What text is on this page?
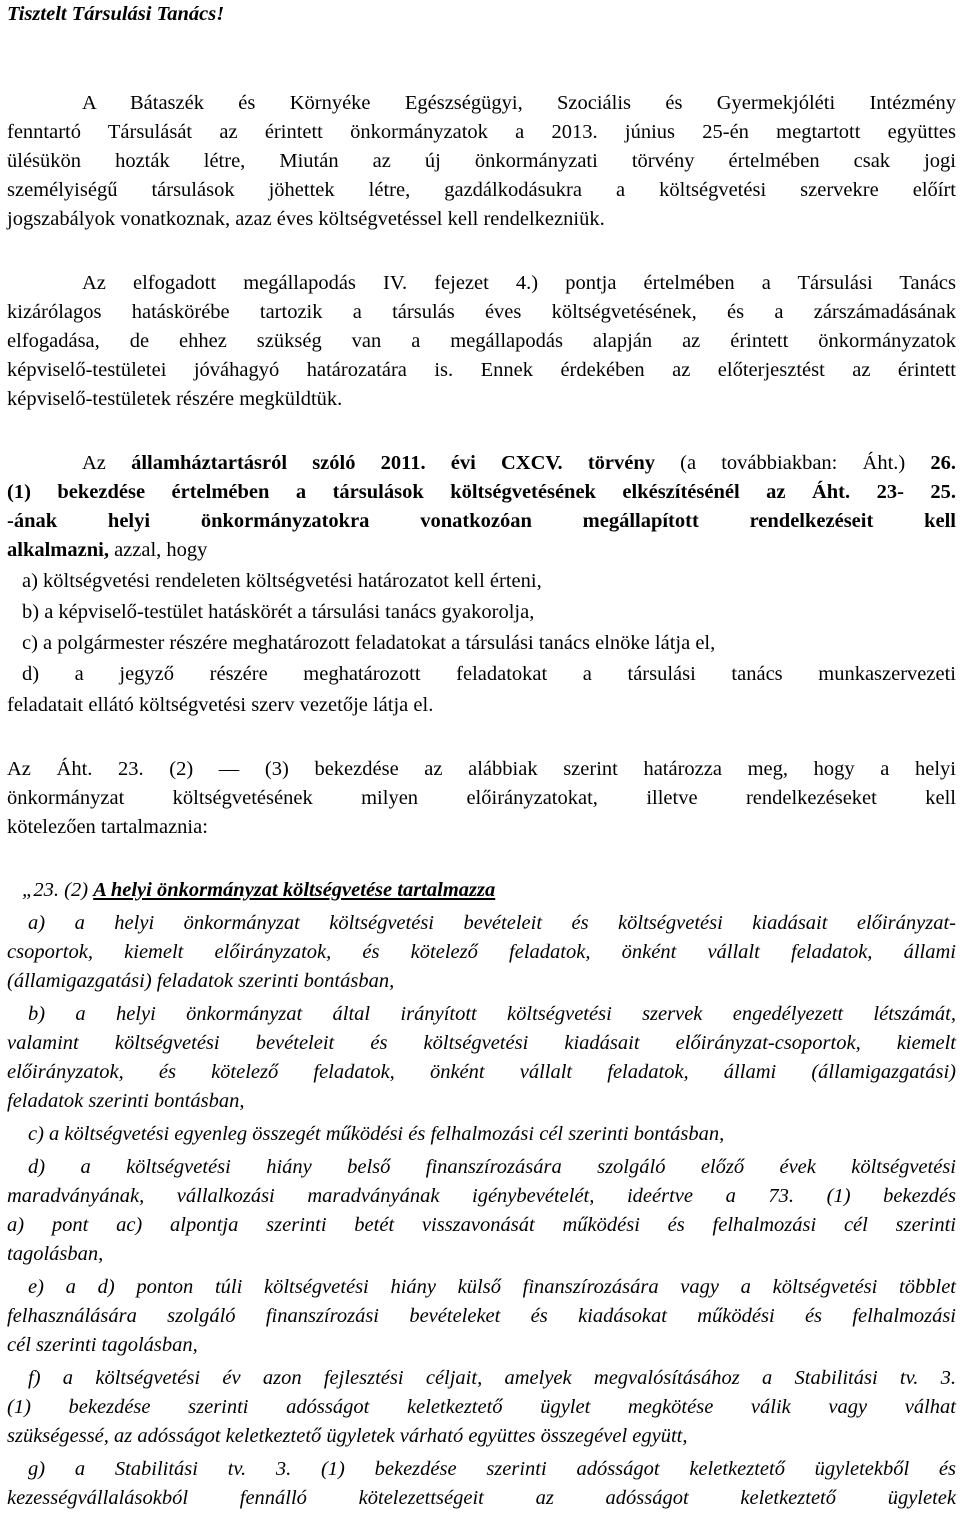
Tisztelt Társulási Tanács!
A Bátaszék és Környéke Egészségügyi, Szociális és Gyermekjóléti Intézmény
fenntartó Társulását az érintett önkormányzatok a 2013. június 25-én megtartott együttes
ülésükön hozták létre, Miután az új önkormányzati törvény értelmében csak jogi
személyiségű társulások jöhettek létre, gazdálkodásukra a költségvetési szervekre előírt
jogszabályok vonatkoznak, azaz éves költségvetéssel kell rendelkezniük.
Az elfogadott megállapodás IV. fejezet 4.) pontja értelmében a Társulási Tanács
kizárólagos hatáskörébe tartozik a társulás éves költségvetésének, és a zárszámadásának
elfogadása, de ehhez szükség van a megállapodás alapján az érintett önkormányzatok
képviselő-testületei jóváhagyó határozatára is. Ennek érdekében az előterjesztést az érintett
képviselő-testületek részére megküldtük.
Az államháztartásról szóló 2011. évi CXCV. törvény (a továbbiakban: Áht.) 26.
(1) bekezdése értelmében a társulások költségvetésének elkészítésénél az Áht. 23- 25.
-ának helyi önkormányzatokra vonatkozóan megállapított rendelkezéseit kell
alkalmazni, azzal, hogy
a) költségvetési rendeleten költségvetési határozatot kell érteni,
b) a képviselő-testület hatáskörét a társulási tanács gyakorolja,
c) a polgármester részére meghatározott feladatokat a társulási tanács elnöke látja el,
d) a jegyző részére meghatározott feladatokat a társulási tanács munkaszervezeti
feladatait ellátó költségvetési szerv vezetője látja el.
Az Áht. 23. (2) — (3) bekezdése az alábbiak szerint határozza meg, hogy a helyi
önkormányzat költségvetésének milyen előirányzatokat, illetve rendelkezéseket kell
kötelezően tartalmaznia:
„23. (2) A helyi önkormányzat költségvetése tartalmazza
a) a helyi önkormányzat költségvetési bevételeit és költségvetési kiadásait előirányzat-
csoportok, kiemelt előirányzatok, és kötelező feladatok, önként vállalt feladatok, állami
(államigazgatási) feladatok szerinti bontásban,
b) a helyi önkormányzat által irányított költségvetési szervek engedélyezett létszámát,
valamint költségvetési bevételeit és költségvetési kiadásait előirányzat-csoportok, kiemelt
előirányzatok, és kötelező feladatok, önként vállalt feladatok, állami (államigazgatási)
feladatok szerinti bontásban,
c) a költségvetési egyenleg összegét működési és felhalmozási cél szerinti bontásban,
d) a költségvetési hiány belső finanszírozására szolgáló előző évek költségvetési
maradványának, vállalkozási maradványának igénybevételét, ideértve a 73. (1) bekezdés
a) pont ac) alpontja szerinti betét visszavonását működési és felhalmozási cél szerinti
tagolásban,
e) a d) ponton túli költségvetési hiány külső finanszírozására vagy a költségvetési többlet
felhasználására szolgáló finanszírozási bevételeket és kiadásokat működési és felhalmozási
cél szerinti tagolásban,
f) a költségvetési év azon fejlesztési céljait, amelyek megvalósításához a Stabilitási tv. 3.
(1) bekezdése szerinti adósságot keletkeztető ügylet megkötése válik vagy válhat
szükségessé, az adósságot keletkeztető ügyletek várható együttes összegével együtt,
g) a Stabilitási tv. 3. (1) bekezdése szerinti adósságot keletkeztető ügyletekből és
kezességvállalásokból fennálló kötelezettségeit az adósságot keletkeztető ügyletek
